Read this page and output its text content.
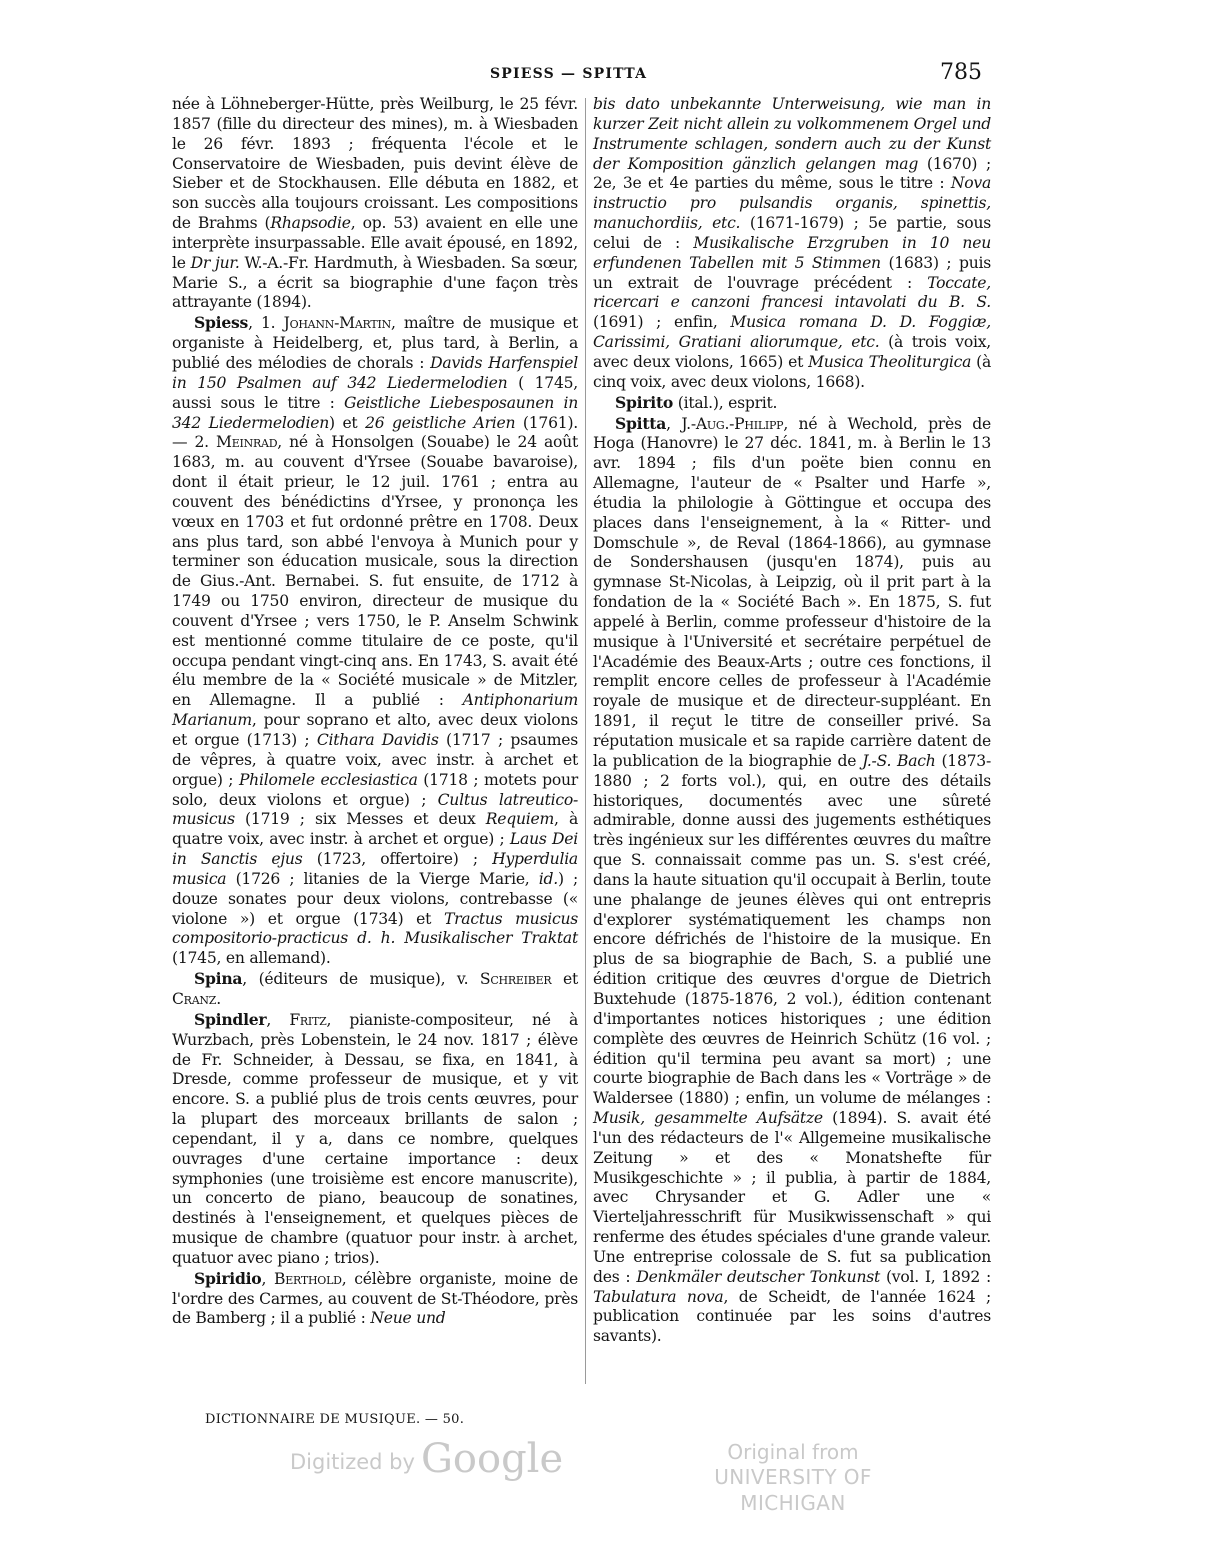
SPIESS — SPITTA	785

née à Löhneberger-Hütte, près Weilburg, le 25 févr. 1857 (fille du directeur des mines), m. à Wiesbaden le 26 févr. 1893 ; fréquenta l'école et le Conservatoire de Wiesbaden, puis devint élève de Sieber et de Stockhausen. Elle débuta en 1882, et son succès alla toujours croissant. Les compositions de Brahms (Rhapsodie, op. 53) avaient en elle une interprète insurpassable. Elle avait épousé, en 1892, le Dr jur. W.-A.-Fr. Hardmuth, à Wiesbaden. Sa sœur, Marie S., a écrit sa biographie d'une façon très attrayante (1894).

Spiess, 1. Johann-Martin, maître de musique et organiste à Heidelberg, et, plus tard, à Berlin, a publié des mélodies de chorals : Davids Harfenspiel in 150 Psalmen auf 342 Liedermelodien ( 1745, aussi sous le titre : Geistliche Liebesposaunen in 342 Liedermelodien) et 26 geistliche Arien (1761). — 2. Meinrad, né à Honsolgen (Souabe) le 24 août 1683, m. au couvent d'Yrsee (Souabe bavaroise), dont il était prieur, le 12 juil. 1761 ; entra au couvent des bénédictins d'Yrsee, y prononça les vœux en 1703 et fut ordonné prêtre en 1708. Deux ans plus tard, son abbé l'envoya à Munich pour y terminer son éducation musicale, sous la direction de Gius.-Ant. Bernabei. S. fut ensuite, de 1712 à 1749 ou 1750 environ, directeur de musique du couvent d'Yrsee ; vers 1750, le P. Anselm Schwink est mentionné comme titulaire de ce poste, qu'il occupa pendant vingt-cinq ans. En 1743, S. avait été élu membre de la « Société musicale » de Mitzler, en Allemagne. Il a publié : Antiphonarium Marianum, pour soprano et alto, avec deux violons et orgue (1713) ; Cithara Davidis (1717 ; psaumes de vêpres, à quatre voix, avec instr. à archet et orgue) ; Philomele ecclesiastica (1718 ; motets pour solo, deux violons et orgue) ; Cultus latreutico-musicus (1719 ; six Messes et deux Requiem, à quatre voix, avec instr. à archet et orgue) ; Laus Dei in Sanctis ejus (1723, offertoire) ; Hyperdulia musica (1726 ; litanies de la Vierge Marie, id.) ; douze sonates pour deux violons, contrebasse (« violone ») et orgue (1734) et Tractus musicus compositorio-practicus d. h. Musikalischer Traktat (1745, en allemand).

Spina, (éditeurs de musique), v. Schreiber et Cranz.

Spindler, Fritz, pianiste-compositeur, né à Wurzbach, près Lobenstein, le 24 nov. 1817 ; élève de Fr. Schneider, à Dessau, se fixa, en 1841, à Dresde, comme professeur de musique, et y vit encore. S. a publié plus de trois cents œuvres, pour la plupart des morceaux brillants de salon ; cependant, il y a, dans ce nombre, quelques ouvrages d'une certaine importance : deux symphonies (une troisième est encore manuscrite), un concerto de piano, beaucoup de sonatines, destinés à l'enseignement, et quelques pièces de musique de chambre (quatuor pour instr. à archet, quatuor avec piano ; trios).

Spiridio, Berthold, célèbre organiste, moine de l'ordre des Carmes, au couvent de St-Théodore, près de Bamberg ; il a publié : Neue und

bis dato unbekannte Unterweisung, wie man in kurzer Zeit nicht allein zu volkommenem Orgel und Instrumente schlagen, sondern auch zu der Kunst der Komposition gänzlich gelangen mag (1670) ; 2e, 3e et 4e parties du même, sous le titre : Nova instructio pro pulsandis organis, spinettis, manuchordiis, etc. (1671-1679) ; 5e partie, sous celui de : Musikalische Erzgruben in 10 neu erfundenen Tabellen mit 5 Stimmen (1683) ; puis un extrait de l'ouvrage précédent : Toccate, ricercari e canzoni francesi intavolati du B. S. (1691) ; enfin, Musica romana D. D. Foggiæ, Carissimi, Gratiani aliorumque, etc. (à trois voix, avec deux violons, 1665) et Musica Theoliturgica (à cinq voix, avec deux violons, 1668).

Spirito (ital.), esprit.

Spitta, J.-Aug.-Philipp, né à Wechold, près de Hoga (Hanovre) le 27 déc. 1841, m. à Berlin le 13 avr. 1894 ; fils d'un poëte bien connu en Allemagne, l'auteur de « Psalter und Harfe », étudia la philologie à Göttingue et occupa des places dans l'enseignement, à la « Ritter- und Domschule », de Reval (1864-1866), au gymnase de Sondershausen (jusqu'en 1874), puis au gymnase St-Nicolas, à Leipzig, où il prit part à la fondation de la « Société Bach ». En 1875, S. fut appelé à Berlin, comme professeur d'histoire de la musique à l'Université et secrétaire perpétuel de l'Académie des Beaux-Arts ; outre ces fonctions, il remplit encore celles de professeur à l'Académie royale de musique et de directeur-suppléant. En 1891, il reçut le titre de conseiller privé. Sa réputation musicale et sa rapide carrière datent de la publication de la biographie de J.-S. Bach (1873-1880 ; 2 forts vol.), qui, en outre des détails historiques, documentés avec une sûreté admirable, donne aussi des jugements esthétiques très ingénieux sur les différentes œuvres du maître que S. connaissait comme pas un. S. s'est créé, dans la haute situation qu'il occupait à Berlin, toute une phalange de jeunes élèves qui ont entrepris d'explorer systématiquement les champs non encore défrichés de l'histoire de la musique. En plus de sa biographie de Bach, S. a publié une édition critique des œuvres d'orgue de Dietrich Buxtehude (1875-1876, 2 vol.), édition contenant d'importantes notices historiques ; une édition complète des œuvres de Heinrich Schütz (16 vol. ; édition qu'il termina peu avant sa mort) ; une courte biographie de Bach dans les « Vorträge » de Waldersee (1880) ; enfin, un volume de mélanges : Musik, gesammelte Aufsätze (1894). S. avait été l'un des rédacteurs de l'« Allgemeine musikalische Zeitung » et des « Monatshefte für Musikgeschichte » ; il publia, à partir de 1884, avec Chrysander et G. Adler une « Vierteljahresschrift für Musikwissenschaft » qui renferme des études spéciales d'une grande valeur. Une entreprise colossale de S. fut sa publication des : Denkmäler deutscher Tonkunst (vol. I, 1892 : Tabulatura nova, de Scheidt, de l'année 1624 ; publication continuée par les soins d'autres savants).

DICTIONNAIRE DE MUSIQUE. — 50.
Digitized by Google	Original from
UNIVERSITY OF MICHIGAN
